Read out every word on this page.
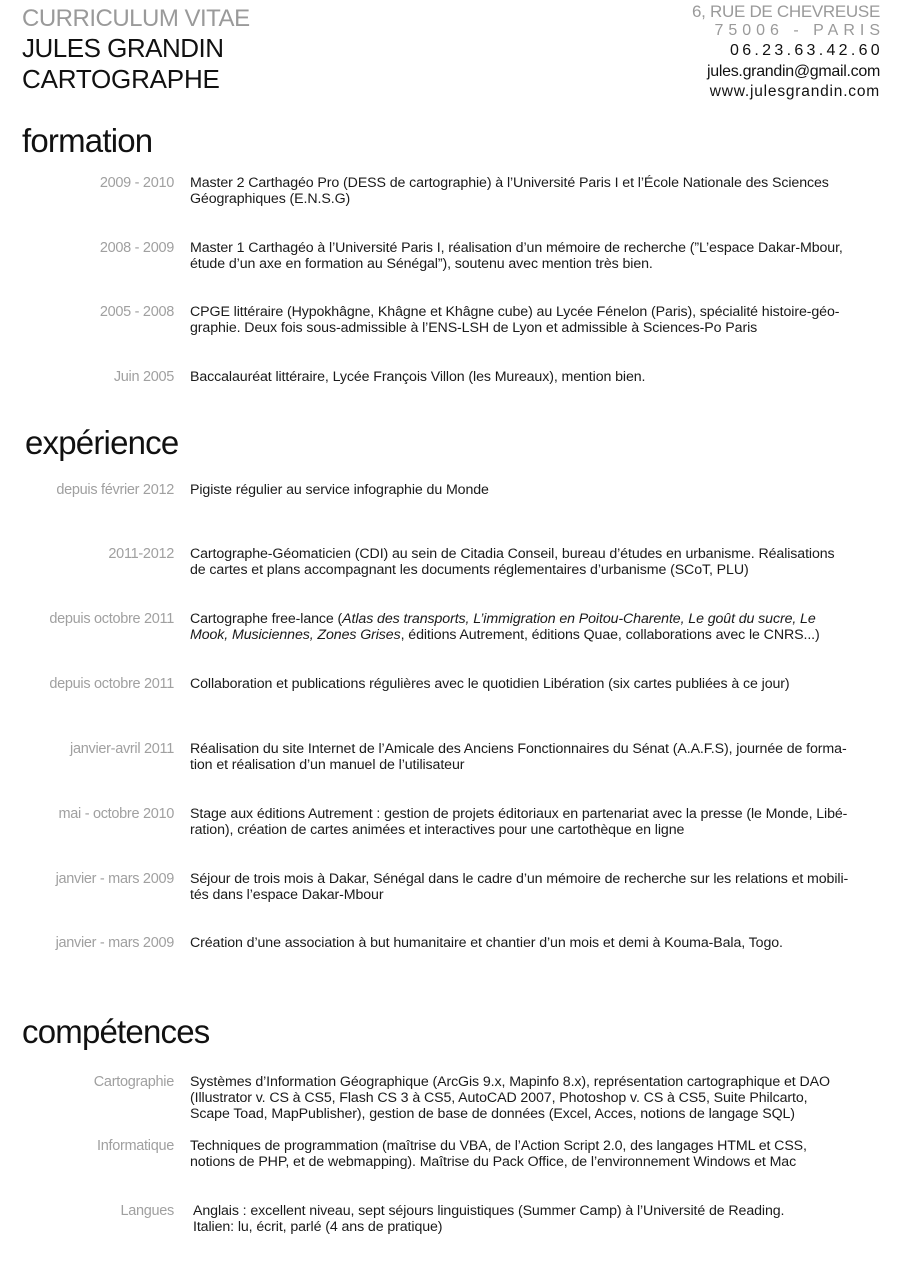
CURRICULUM VITAE
JULES GRANDIN
CARTOGRAPHE
6, RUE DE CHEVREUSE
75006 - PARIS
06.23.63.42.60
jules.grandin@gmail.com
www.julesgrandin.com
formation
2009 - 2010 Master 2 Carthagéo Pro (DESS de cartographie) à l’Université Paris I et l’École Nationale des Sciences
Géographiques (E.N.S.G)
2008 - 2009 Master 1 Carthagéo à l’Université Paris I, réalisation d’un mémoire de recherche (”L’espace Dakar-Mbour,
étude d’un axe en formation au Sénégal”), soutenu avec mention très bien.
2005 - 2008 CPGE littéraire (Hypokhâgne, Khâgne et Khâgne cube) au Lycée Fénelon (Paris), spécialité histoire-géo-
graphie. Deux fois sous-admissible à l’ENS-LSH de Lyon et admissible à Sciences-Po Paris
Juin 2005 Baccalauréat littéraire, Lycée François Villon (les Mureaux), mention bien.
expérience
depuis février 2012 Pigiste régulier au service infographie du Monde
2011-2012 Cartographe-Géomaticien (CDI) au sein de Citadia Conseil, bureau d’études en urbanisme. Réalisations
de cartes et plans accompagnant les documents réglementaires d’urbanisme (SCoT, PLU)
depuis octobre 2011 Cartographe free-lance (Atlas des transports, L’immigration en Poitou-Charente, Le goût du sucre, Le
Mook, Musiciennes, Zones Grises, éditions Autrement, éditions Quae, collaborations avec le CNRS...)
depuis octobre 2011 Collaboration et publications régulières avec le quotidien Libération (six cartes publiées à ce jour)
janvier-avril 2011 Réalisation du site Internet de l’Amicale des Anciens Fonctionnaires du Sénat (A.A.F.S), journée de forma-
tion et réalisation d’un manuel de l’utilisateur
mai - octobre 2010 Stage aux éditions Autrement : gestion de projets éditoriaux en partenariat avec la presse (le Monde, Libé-
ration), création de cartes animées et interactives pour une cartothèque en ligne
janvier - mars 2009 Séjour de trois mois à Dakar, Sénégal dans le cadre d’un mémoire de recherche sur les relations et mobili-
tés dans l’espace Dakar-Mbour
janvier - mars 2009 Création d’une association à but humanitaire et chantier d’un mois et demi à Kouma-Bala, Togo.
compétences
Cartographie Systèmes d’Information Géographique (ArcGis 9.x, Mapinfo 8.x), représentation cartographique et DAO
(Illustrator v. CS à CS5, Flash CS 3 à CS5, AutoCAD 2007, Photoshop v. CS à CS5, Suite Philcarto,
Scape Toad, MapPublisher), gestion de base de données (Excel, Acces, notions de langage SQL)
Informatique Techniques de programmation (maîtrise du VBA, de l’Action Script 2.0, des langages HTML et CSS,
notions de PHP, et de webmapping). Maîtrise du Pack Office, de l’environnement Windows et Mac
Langues Anglais : excellent niveau, sept séjours linguistiques (Summer Camp) à l’Université de Reading.
Italien: lu, écrit, parlé (4 ans de pratique)
